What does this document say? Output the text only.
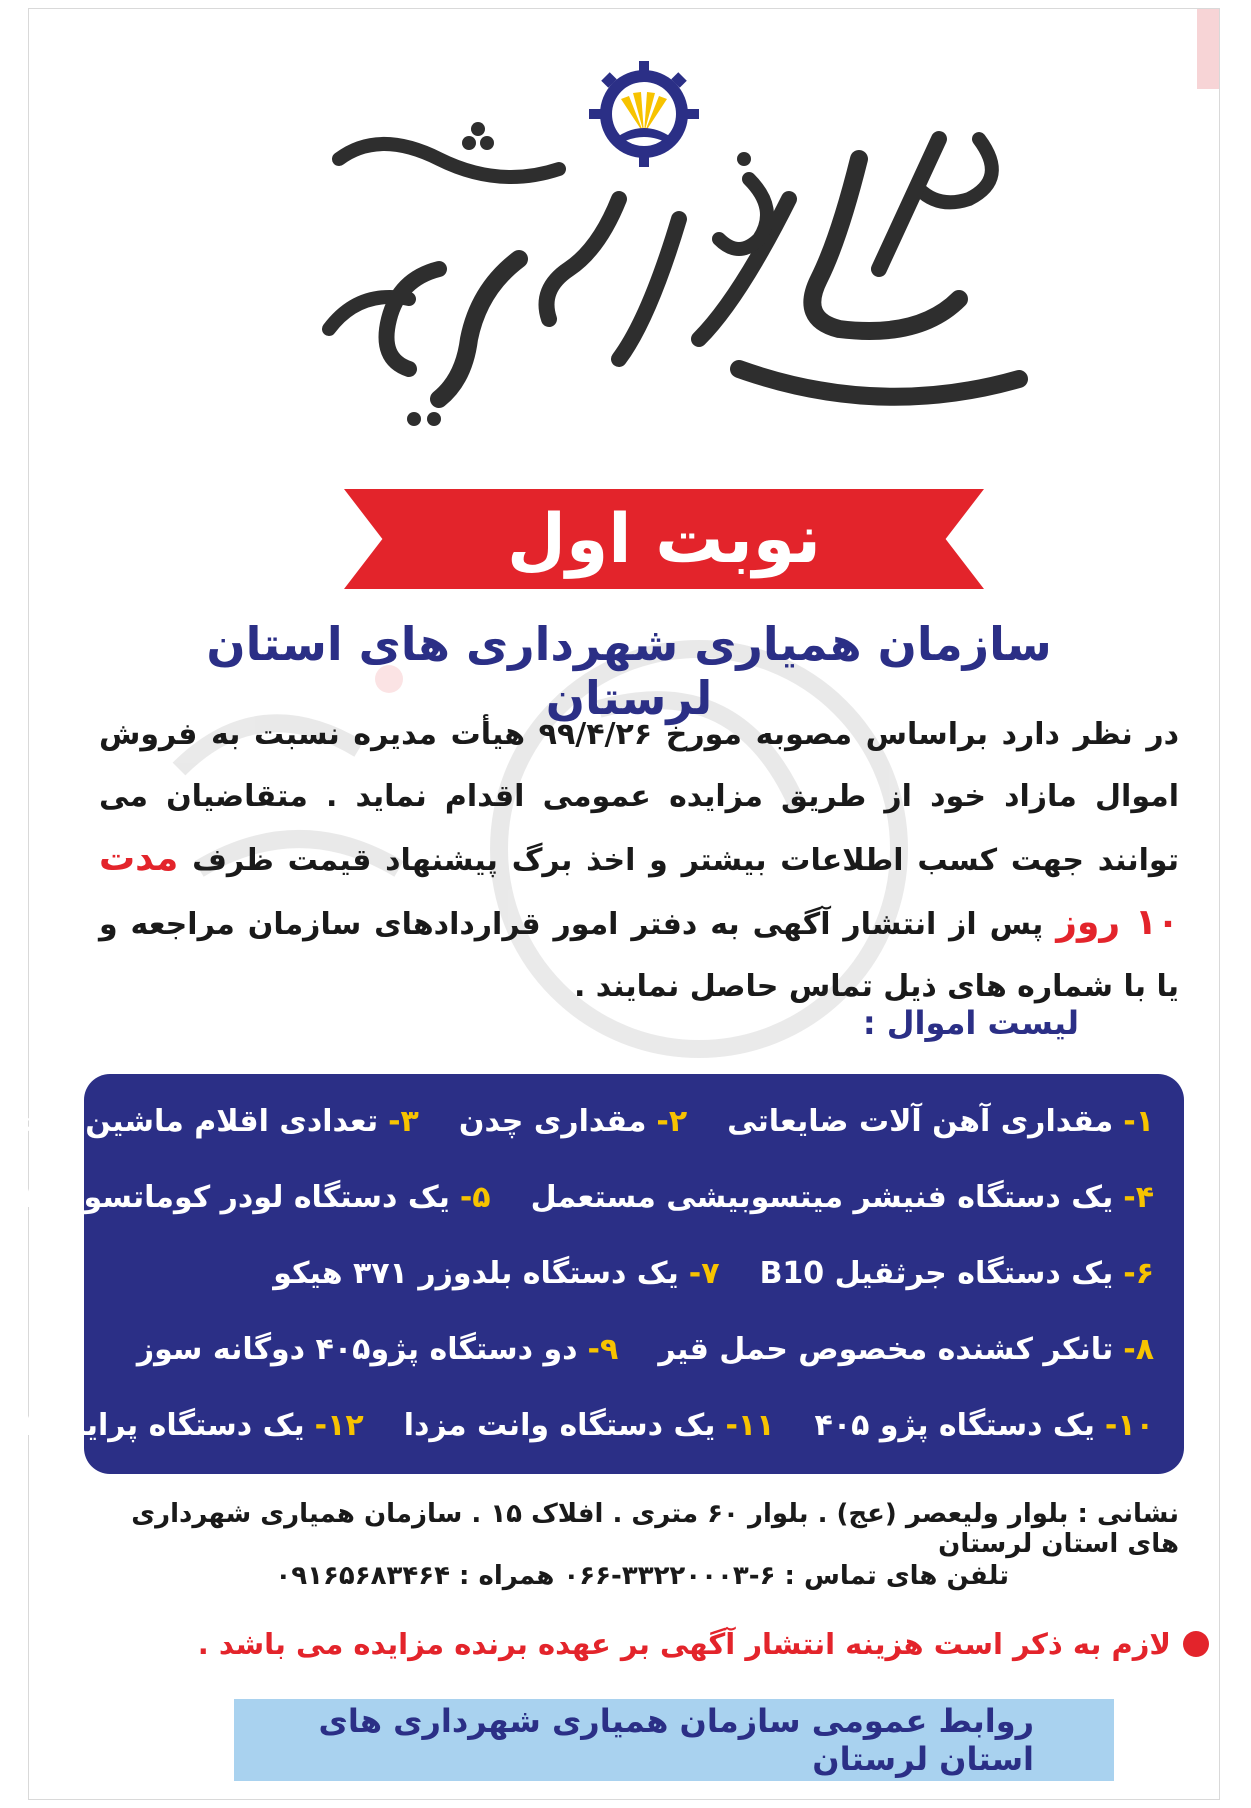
نوبت اول
سازمان همیاری شهرداری های استان لرستان
در نظر دارد براساس مصوبه مورخ ۹۹/۴/۲۶ هیأت مدیره نسبت به فروش اموال مازاد خود از طریق مزایده عمومی اقدام نماید . متقاضیان می توانند جهت کسب اطلاعات بیشتر و اخذ برگ پیشنهاد قیمت ظرف مدت ۱۰ روز پس از انتشار آگهی به دفتر امور قراردادهای سازمان مراجعه و یا با شماره های ذیل تماس حاصل نمایند .
لیست اموال :
۱-
مقداری آهن آلات ضایعاتی
۲-
مقداری چدن
۳-
تعدادی اقلام ماشین آلات
۴-
یک دستگاه فنیشر میتسوبیشی مستعمل
۵-
یک دستگاه لودر کوماتسو ۱۲۰
۶-
یک دستگاه جرثقیل B10
۷-
یک دستگاه بلدوزر ۳۷۱ هیکو
۸-
تانکر کشنده مخصوص حمل قیر
۹-
دو دستگاه پژو۴۰۵ دوگانه سوز
۱۰-
یک دستگاه پژو ۴۰۵
۱۱-
یک دستگاه وانت مزدا
۱۲-
یک دستگاه پراید ۱۴۱
نشانی : بلوار ولیعصر (عج) . بلوار ۶۰ متری . افلاک ۱۵ . سازمان همیاری شهرداری های استان لرستان
تلفن های تماس : ۶-۳۳۲۲۰۰۰۳-۰۶۶ همراه : ۰۹۱۶۵۶۸۳۴۶۴
لازم به ذکر است هزینه انتشار آگهی بر عهده برنده مزایده می باشد .
روابط عمومی سازمان همیاری شهرداری های استان لرستان
